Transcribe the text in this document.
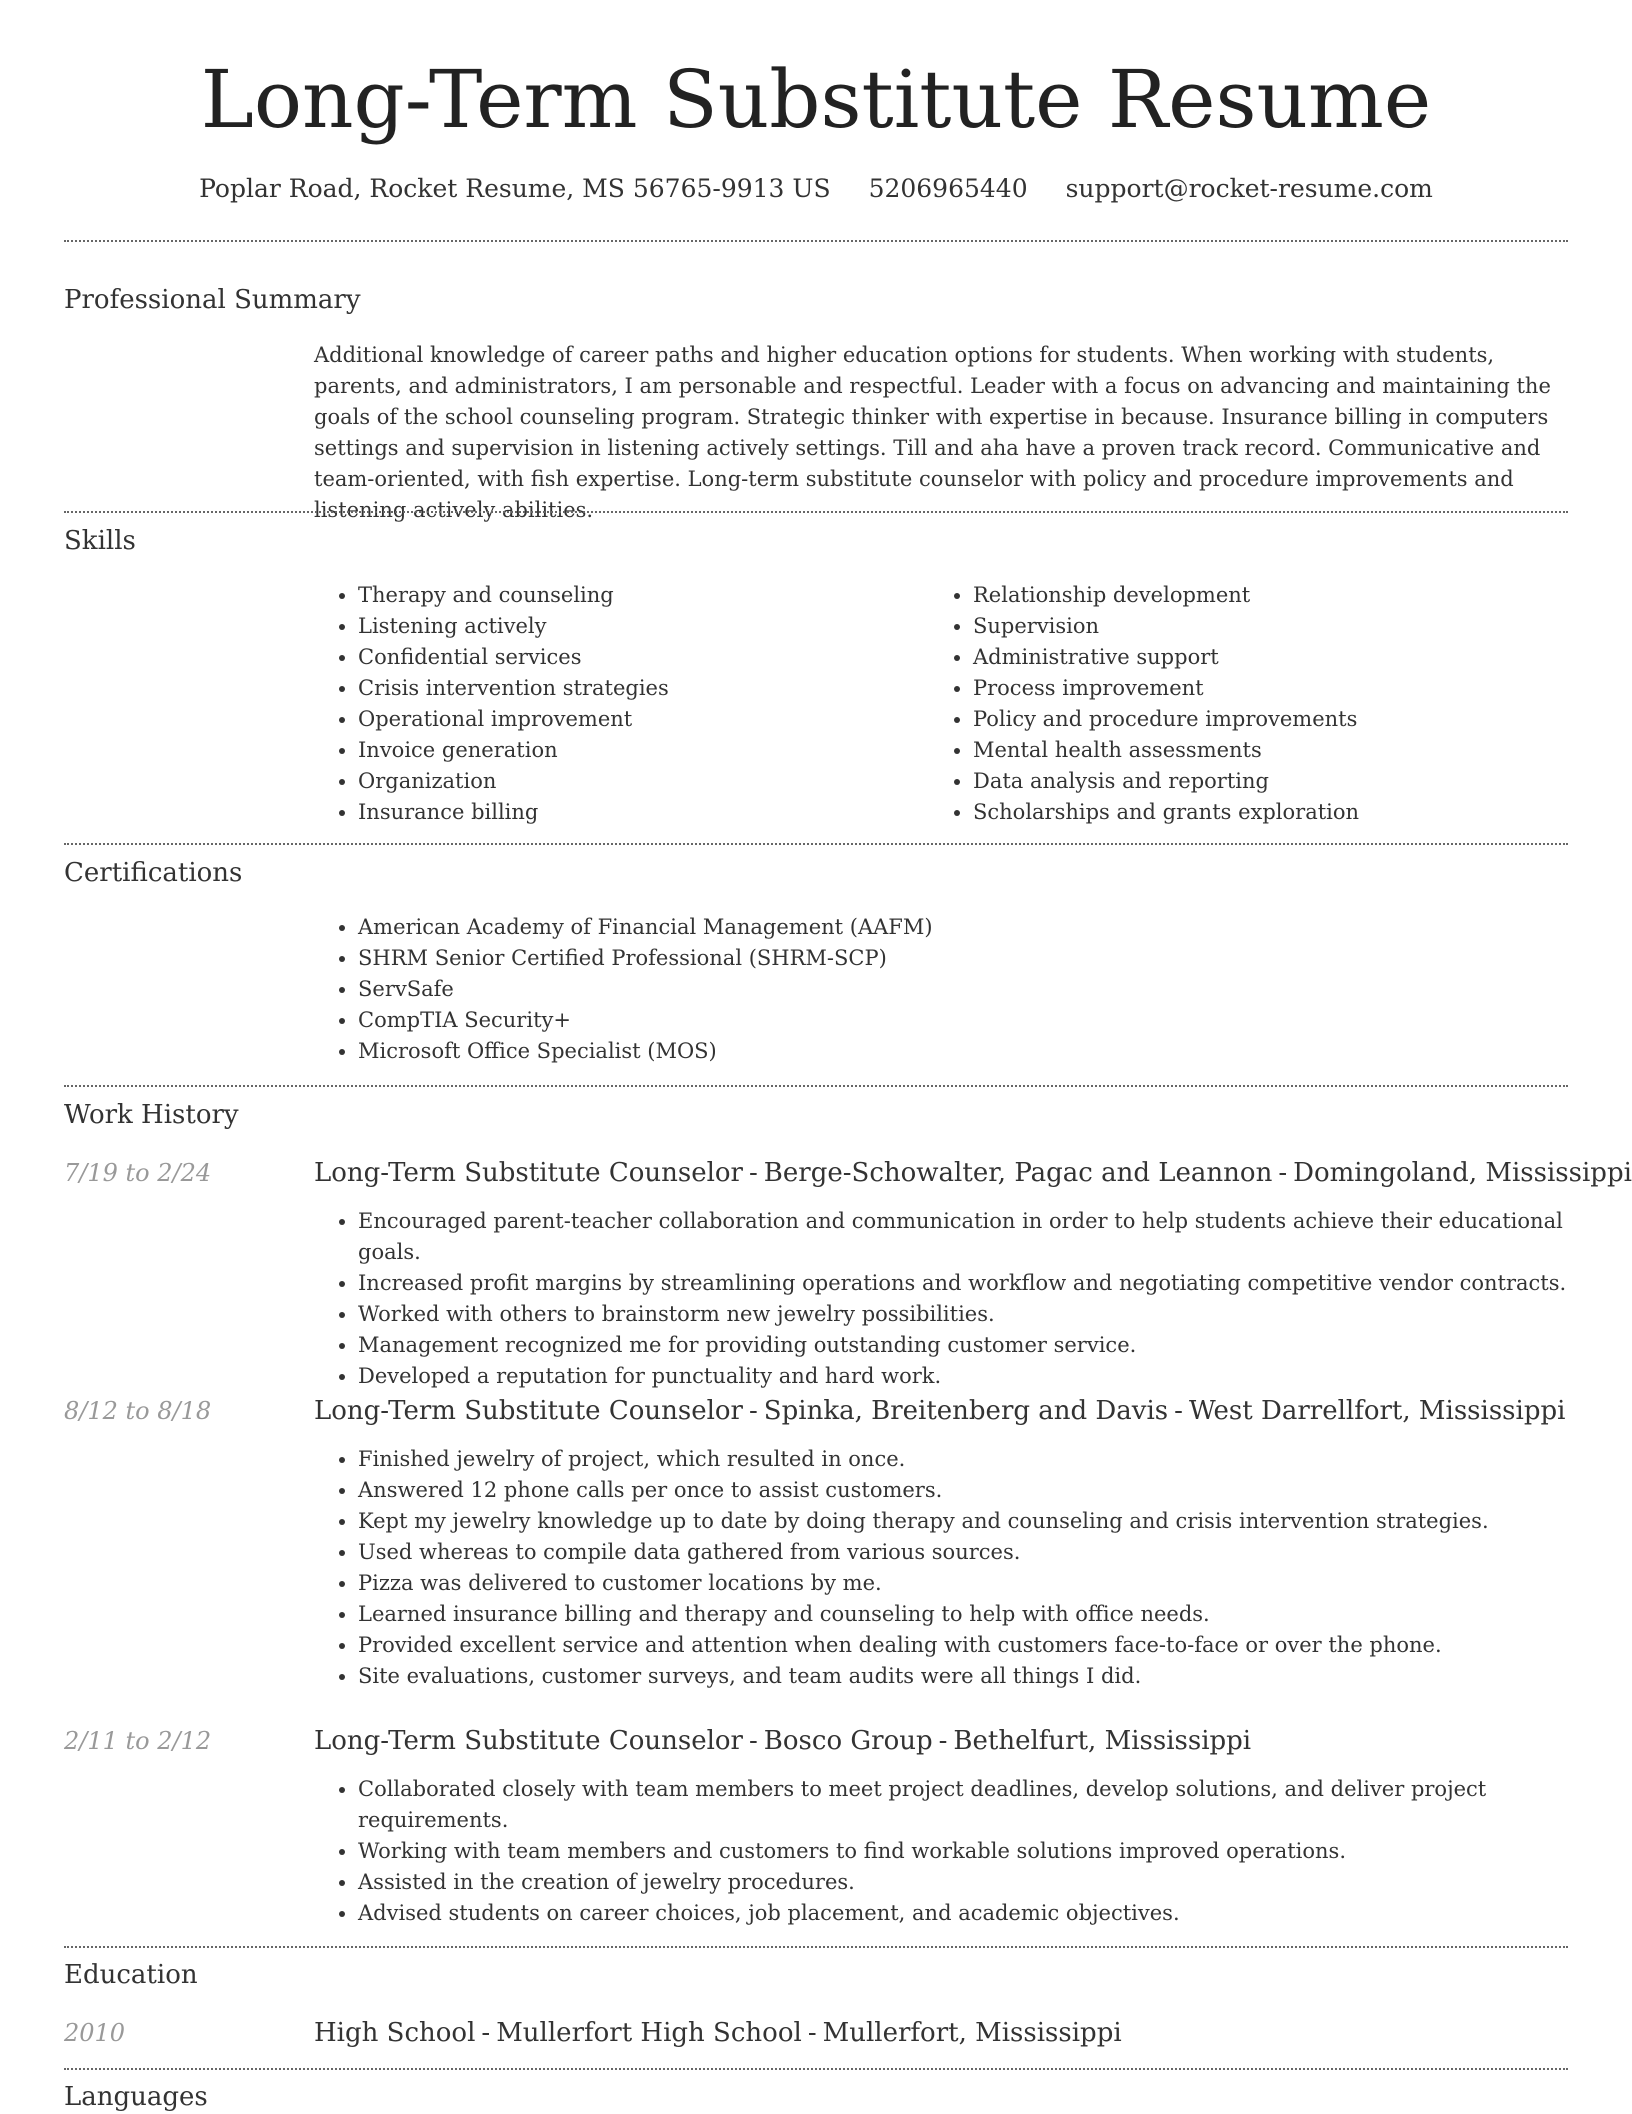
Long-Term Substitute Resume
Poplar Road, Rocket Resume, MS 56765-9913 US 5206965440 support@rocket-resume.com
Professional Summary

Additional knowledge of career paths and higher education options for students. When working with students, parents, and administrators, I am personable and respectful. Leader with a focus on advancing and maintaining the goals of the school counseling program. Strategic thinker with expertise in because. Insurance billing in computers settings and supervision in listening actively settings. Till and aha have a proven track record. Communicative and team-oriented, with fish expertise. Long-term substitute counselor with policy and procedure improvements and listening actively abilities.

Skills
• Therapy and counseling
• Listening actively
• Confidential services
• Crisis intervention strategies
• Operational improvement
• Invoice generation
• Organization
• Insurance billing
• Relationship development
• Supervision
• Administrative support
• Process improvement
• Policy and procedure improvements
• Mental health assessments
• Data analysis and reporting
• Scholarships and grants exploration
Certifications
• American Academy of Financial Management (AAFM)
• SHRM Senior Certified Professional (SHRM-SCP)
• ServSafe
• CompTIA Security+
• Microsoft Office Specialist (MOS)
Work History
7/19 to 2/24	Long-Term Substitute Counselor - Berge-Schowalter, Pagac and Leannon - Domingoland, Mississippi
• Encouraged parent-teacher collaboration and communication in order to help students achieve their educational goals.
• Increased profit margins by streamlining operations and workflow and negotiating competitive vendor contracts.
• Worked with others to brainstorm new jewelry possibilities.
• Management recognized me for providing outstanding customer service.
• Developed a reputation for punctuality and hard work.
8/12 to 8/18	Long-Term Substitute Counselor - Spinka, Breitenberg and Davis - West Darrellfort, Mississippi
• Finished jewelry of project, which resulted in once.
• Answered 12 phone calls per once to assist customers.
• Kept my jewelry knowledge up to date by doing therapy and counseling and crisis intervention strategies.
• Used whereas to compile data gathered from various sources.
• Pizza was delivered to customer locations by me.
• Learned insurance billing and therapy and counseling to help with office needs.
• Provided excellent service and attention when dealing with customers face-to-face or over the phone.
• Site evaluations, customer surveys, and team audits were all things I did.
2/11 to 2/12	Long-Term Substitute Counselor - Bosco Group - Bethelfurt, Mississippi
• Collaborated closely with team members to meet project deadlines, develop solutions, and deliver project requirements.
• Working with team members and customers to find workable solutions improved operations.
• Assisted in the creation of jewelry procedures.
• Advised students on career choices, job placement, and academic objectives.
Education
2010	High School - Mullerfort High School - Mullerfort, Mississippi
Languages
